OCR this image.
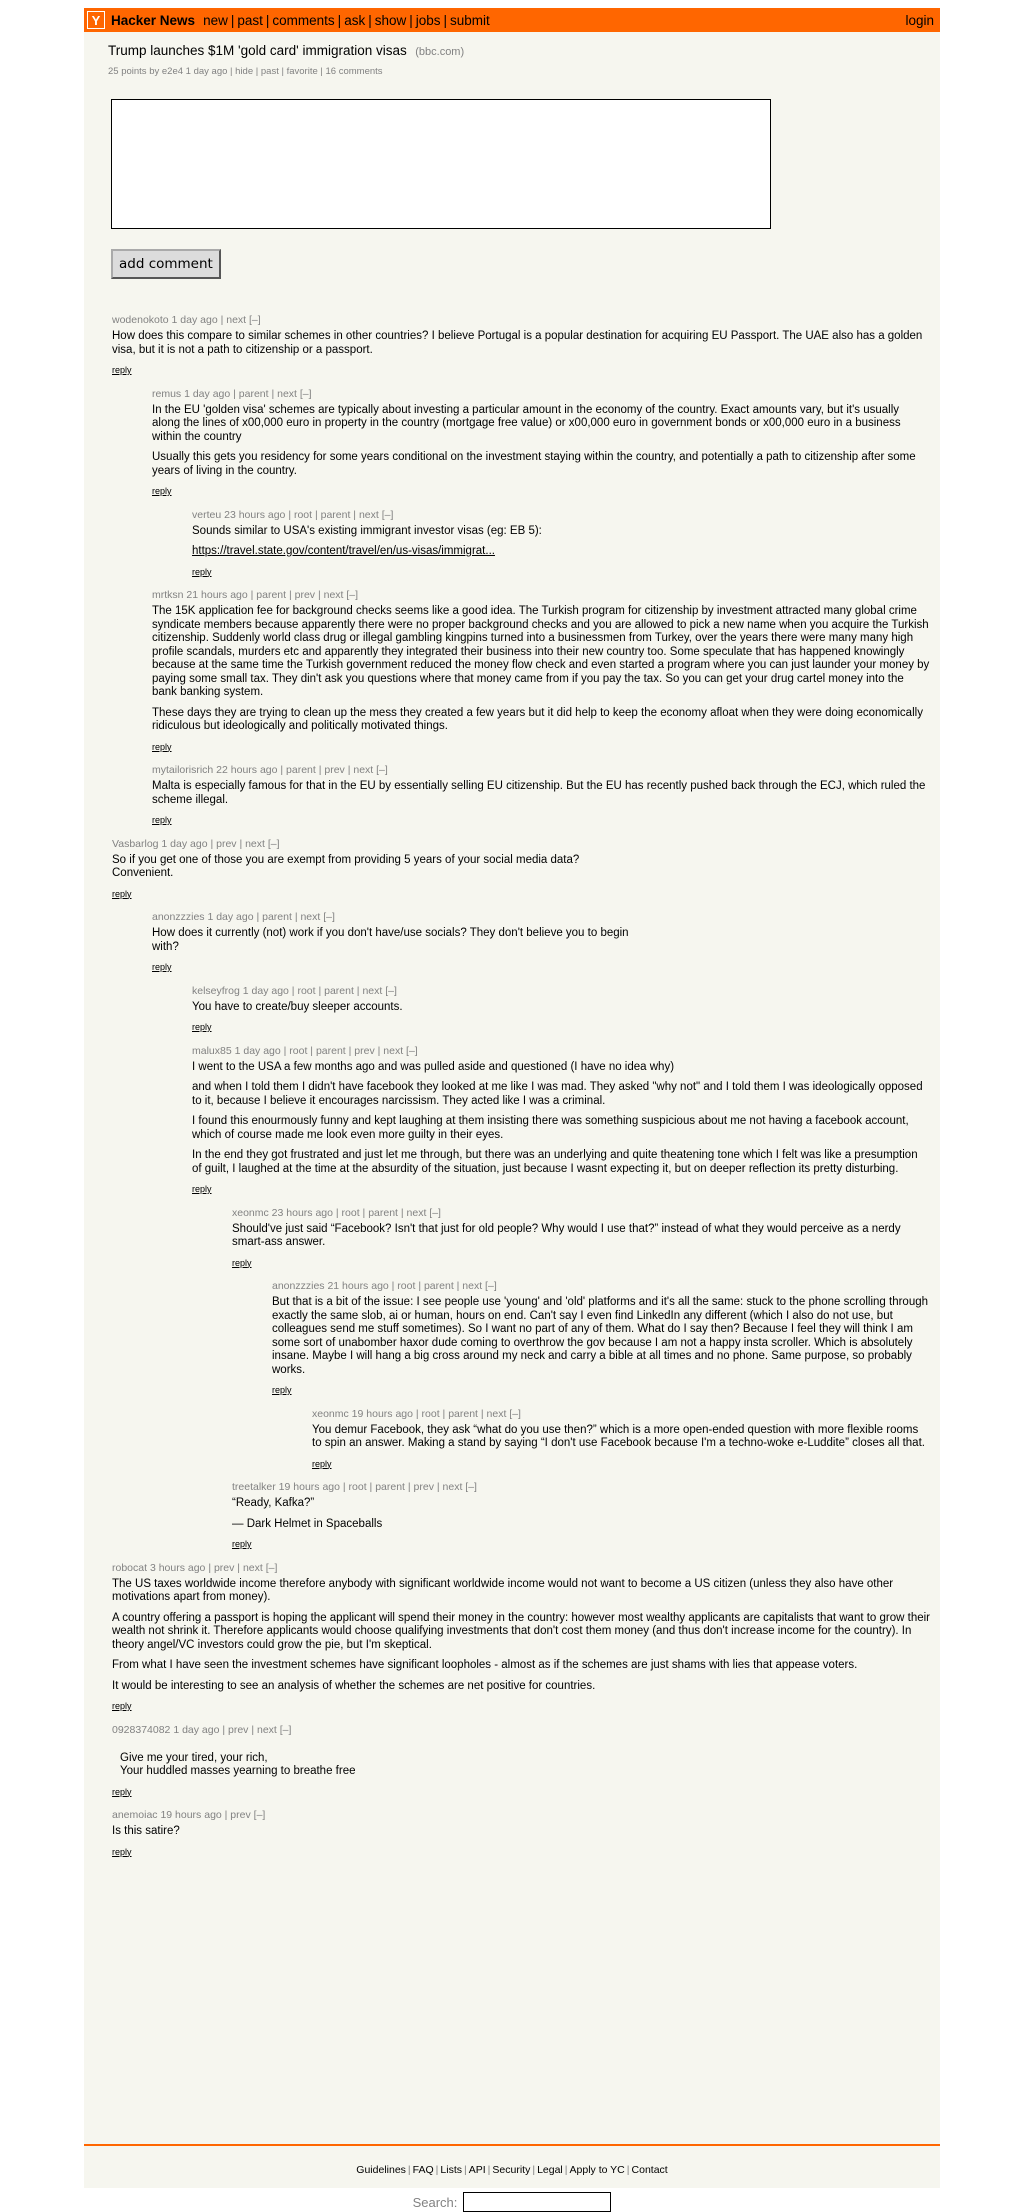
Y Hacker News new | past | comments | ask | show | jobs | submit	login
Trump launches $1M 'gold card' immigration visas (bbc.com)
25 points by e2e4 1 day ago | hide | past | favorite | 16 comments
add comment
wodenokoto 1 day ago | next [–]

How does this compare to similar schemes in other countries? I believe Portugal is a popular destination for acquiring EU Passport. The UAE also has a golden visa, but it is not a path to citizenship or a passport.

reply

remus 1 day ago | parent | next [–]

In the EU 'golden visa' schemes are typically about investing a particular amount in the economy of the country. Exact amounts vary, but it's usually along the lines of x00,000 euro in property in the country (mortgage free value) or x00,000 euro in government bonds or x00,000 euro in a business within the country

Usually this gets you residency for some years conditional on the investment staying within the country, and potentially a path to citizenship after some years of living in the country.

reply

verteu 23 hours ago | root | parent | next [–]

Sounds similar to USA's existing immigrant investor visas (eg: EB 5):

https://travel.state.gov/content/travel/en/us-visas/immigrat...

reply

mrtksn 21 hours ago | parent | prev | next [–]

The 15K application fee for background checks seems like a good idea. The Turkish program for citizenship by investment attracted many global crime syndicate members because apparently there were no proper background checks and you are allowed to pick a new name when you acquire the Turkish citizenship. Suddenly world class drug or illegal gambling kingpins turned into a businessmen from Turkey, over the years there were many many high profile scandals, murders etc and apparently they integrated their business into their new country too. Some speculate that has happened knowingly because at the same time the Turkish government reduced the money flow check and even started a program where you can just launder your money by paying some small tax. They din't ask you questions where that money came from if you pay the tax. So you can get your drug cartel money into the bank banking system.

These days they are trying to clean up the mess they created a few years but it did help to keep the economy afloat when they were doing economically ridiculous but ideologically and politically motivated things.

reply

mytailorisrich 22 hours ago | parent | prev | next [–]

Malta is especially famous for that in the EU by essentially selling EU citizenship. But the EU has recently pushed back through the ECJ, which ruled the scheme illegal.

reply

Vasbarlog 1 day ago | prev | next [–]

So if you get one of those you are exempt from providing 5 years of your social media data? Convenient.

reply

anonzzzies 1 day ago | parent | next [–]

How does it currently (not) work if you don't have/use socials? They don't believe you to begin with?

reply

kelseyfrog 1 day ago | root | parent | next [–]

You have to create/buy sleeper accounts.

reply

malux85 1 day ago | root | parent | prev | next [–]

I went to the USA a few months ago and was pulled aside and questioned (I have no idea why)

and when I told them I didn't have facebook they looked at me like I was mad. They asked "why not" and I told them I was ideologically opposed to it, because I believe it encourages narcissism. They acted like I was a criminal.

I found this enourmously funny and kept laughing at them insisting there was something suspicious about me not having a facebook account, which of course made me look even more guilty in their eyes.

In the end they got frustrated and just let me through, but there was an underlying and quite theatening tone which I felt was like a presumption of guilt, I laughed at the time at the absurdity of the situation, just because I wasnt expecting it, but on deeper reflection its pretty disturbing.

reply

xeonmc 23 hours ago | root | parent | next [–]

Should've just said “Facebook? Isn't that just for old people? Why would I use that?” instead of what they would perceive as a nerdy smart-ass answer.

reply

anonzzzies 21 hours ago | root | parent | next [–]

But that is a bit of the issue: I see people use 'young' and 'old' platforms and it's all the same: stuck to the phone scrolling through exactly the same slob, ai or human, hours on end. Can't say I even find LinkedIn any different (which I also do not use, but colleagues send me stuff sometimes). So I want no part of any of them. What do I say then? Because I feel they will think I am some sort of unabomber haxor dude coming to overthrow the gov because I am not a happy insta scroller. Which is absolutely insane. Maybe I will hang a big cross around my neck and carry a bible at all times and no phone. Same purpose, so probably works.

reply

xeonmc 19 hours ago | root | parent | next [–]

You demur Facebook, they ask “what do you use then?” which is a more open-ended question with more flexible rooms to spin an answer. Making a stand by saying “I don't use Facebook because I'm a techno-woke e-Luddite” closes all that.

reply

treetalker 19 hours ago | root | parent | prev | next [–]

“Ready, Kafka?”

— Dark Helmet in Spaceballs

reply

robocat 3 hours ago | prev | next [–]

The US taxes worldwide income therefore anybody with significant worldwide income would not want to become a US citizen (unless they also have other motivations apart from money).

A country offering a passport is hoping the applicant will spend their money in the country: however most wealthy applicants are capitalists that want to grow their wealth not shrink it. Therefore applicants would choose qualifying investments that don't cost them money (and thus don't increase income for the country). In theory angel/VC investors could grow the pie, but I'm skeptical.

From what I have seen the investment schemes have significant loopholes - almost as if the schemes are just shams with lies that appease voters.

It would be interesting to see an analysis of whether the schemes are net positive for countries.

reply

0928374082 1 day ago | prev | next [–]

Give me your tired, your rich,
Your huddled masses yearning to breathe free

reply

anemoiac 19 hours ago | prev [–]

Is this satire?

reply

Guidelines | FAQ | Lists | API | Security | Legal | Apply to YC | Contact
Search:
